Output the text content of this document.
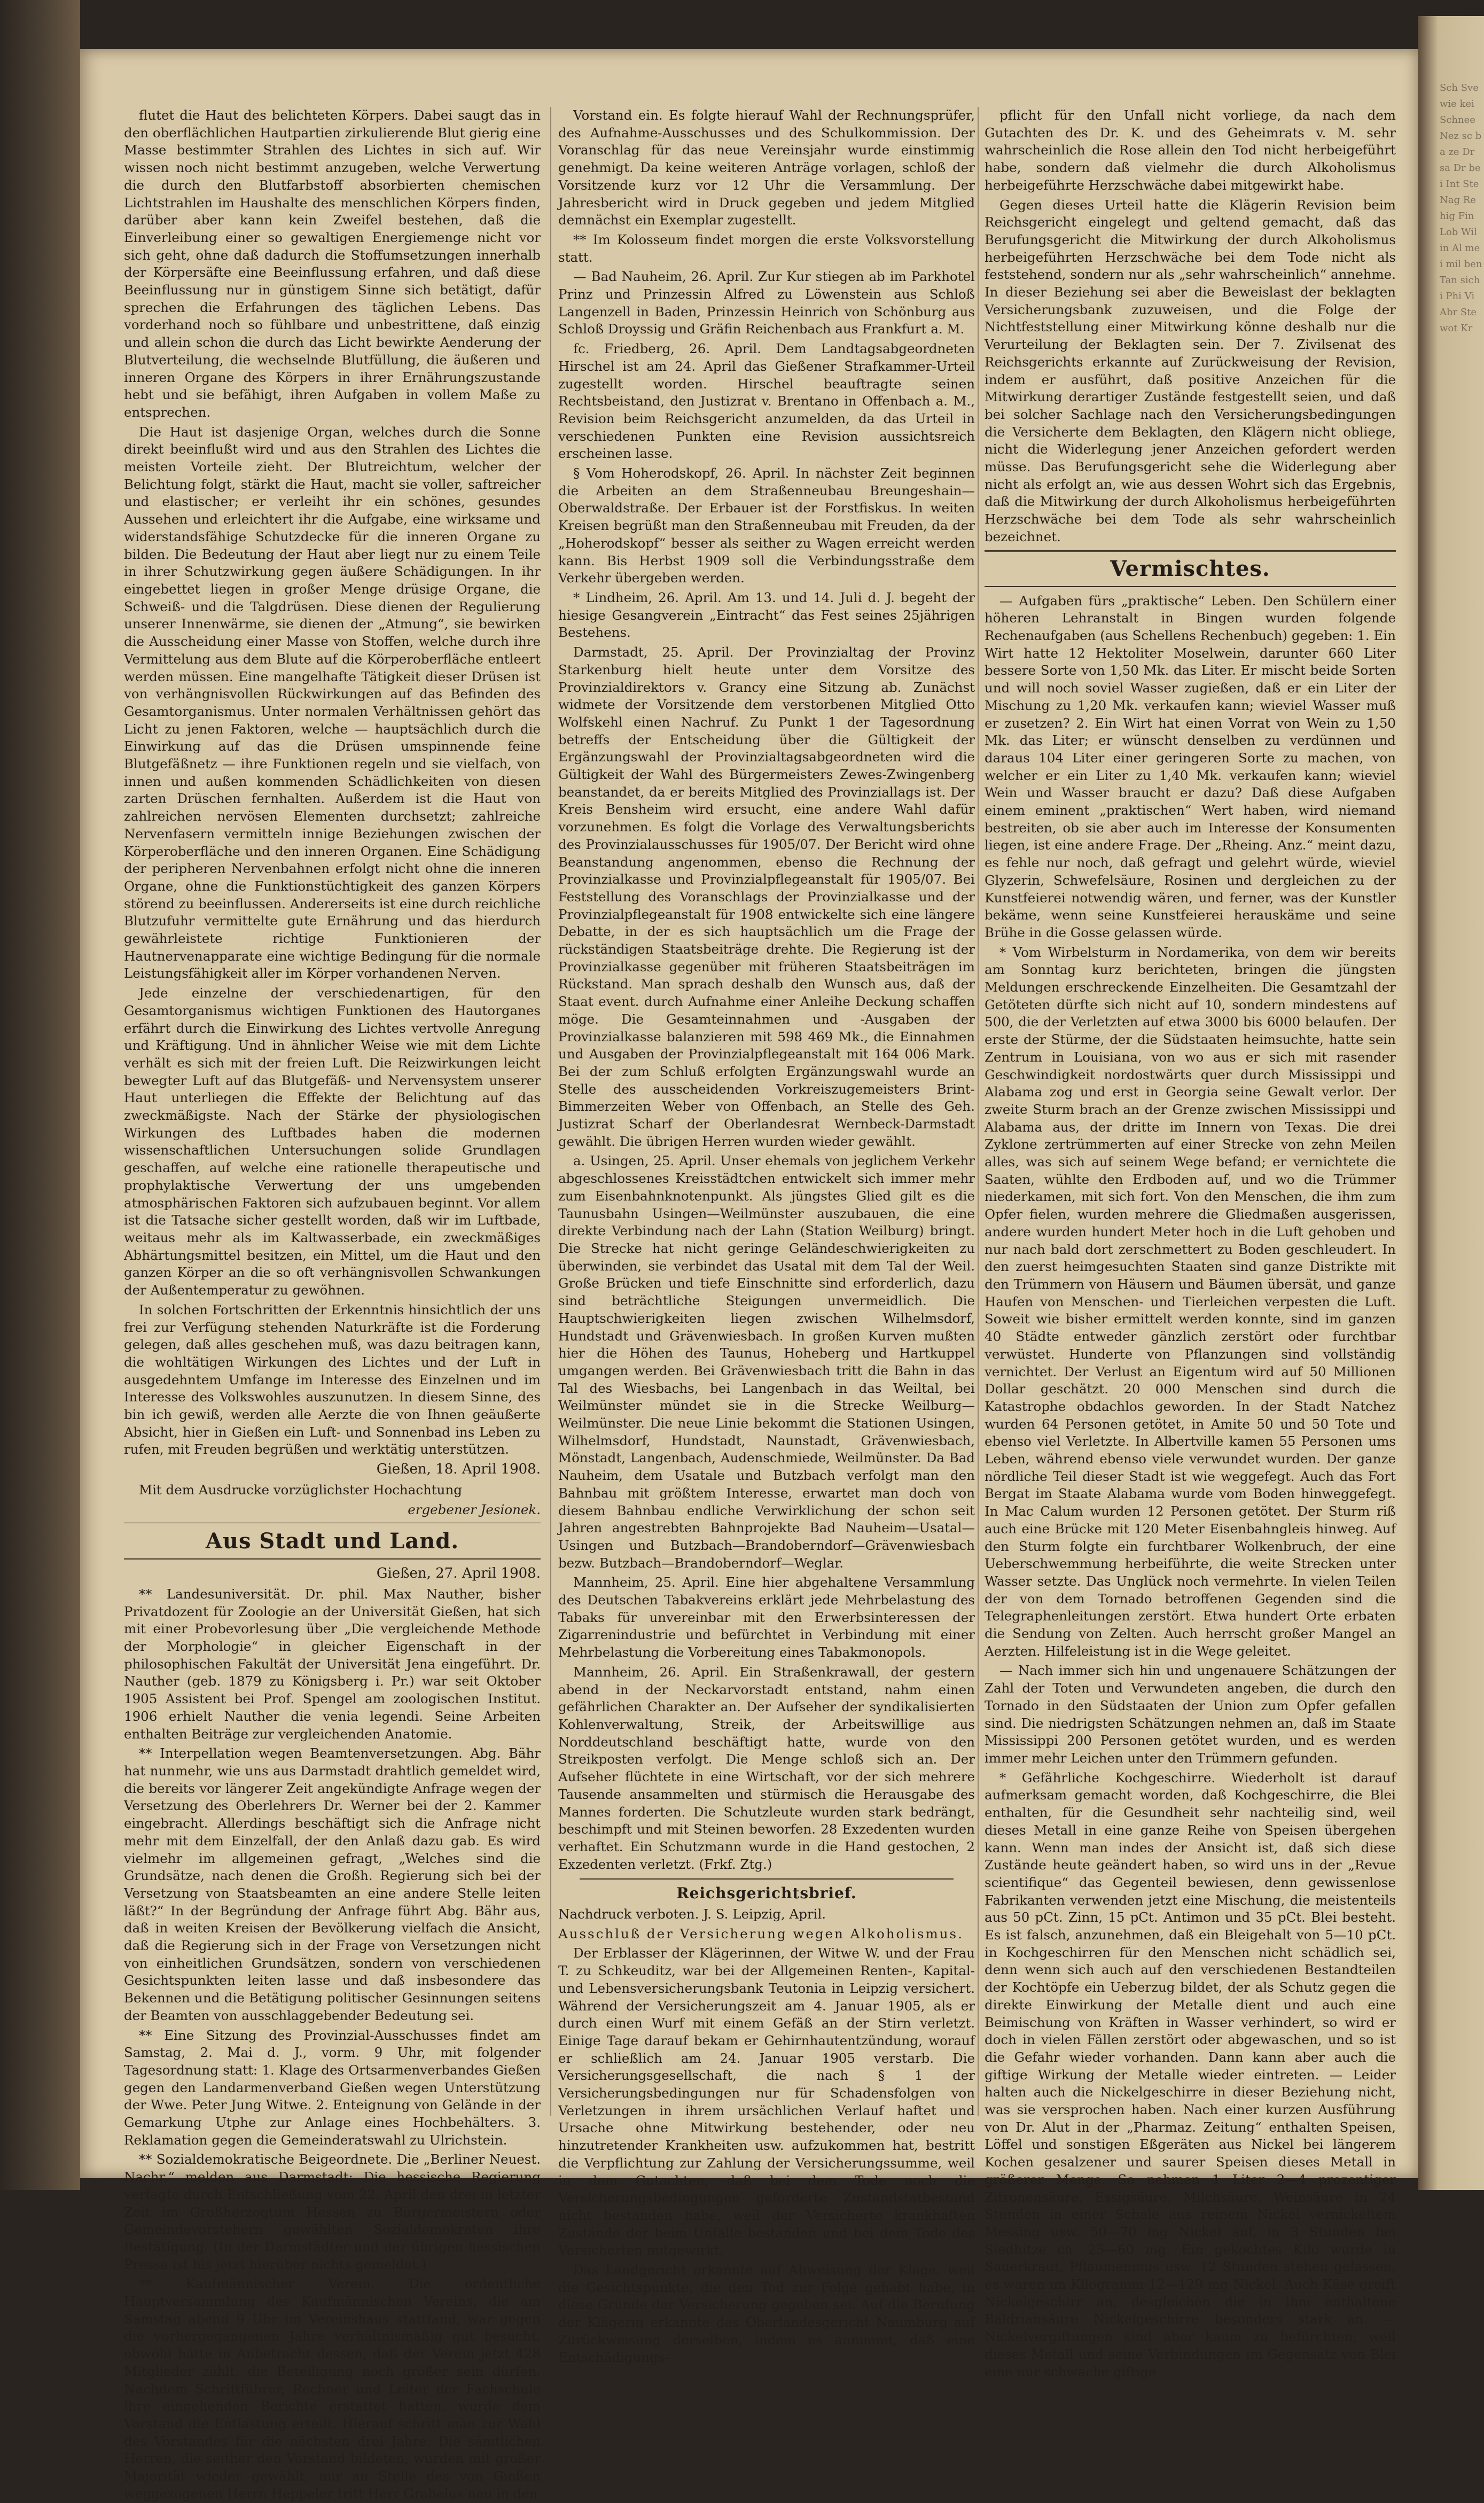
Sch Sve wie kei Schnee Nez sc ba ze Dr sa Dr bei Int Ste Nag Re hig Fin Lob Wil in Al mei mil ben Tan sichi Phi Vi Abr Ste wot Kr

flutet die Haut des belichteten Körpers. Dabei saugt das in den oberflächlichen Hautpartien zirkulierende Blut gierig eine Masse bestimmter Strahlen des Lichtes in sich auf. Wir wissen noch nicht bestimmt anzugeben, welche Verwertung die durch den Blutfarbstoff absorbierten chemischen Lichtstrahlen im Haushalte des menschlichen Körpers finden, darüber aber kann kein Zweifel bestehen, daß die Einverleibung einer so gewaltigen Energiemenge nicht vor sich geht, ohne daß dadurch die Stoffumsetzungen innerhalb der Körpersäfte eine Beeinflussung erfahren, und daß diese Beeinflussung nur in günstigem Sinne sich betätigt, dafür sprechen die Erfahrungen des täglichen Lebens. Das vorderhand noch so fühlbare und unbestrittene, daß einzig und allein schon die durch das Licht bewirkte Aenderung der Blutverteilung, die wechselnde Blutfüllung, die äußeren und inneren Organe des Körpers in ihrer Ernährungszustande hebt und sie befähigt, ihren Aufgaben in vollem Maße zu entsprechen.

Die Haut ist dasjenige Organ, welches durch die Sonne direkt beeinflußt wird und aus den Strahlen des Lichtes die meisten Vorteile zieht. Der Blutreichtum, welcher der Belichtung folgt, stärkt die Haut, macht sie voller, saftreicher und elastischer; er verleiht ihr ein schönes, gesundes Aussehen und erleichtert ihr die Aufgabe, eine wirksame und widerstandsfähige Schutzdecke für die inneren Organe zu bilden. Die Bedeutung der Haut aber liegt nur zu einem Teile in ihrer Schutzwirkung gegen äußere Schädigungen. In ihr eingebettet liegen in großer Menge drüsige Organe, die Schweiß- und die Talgdrüsen. Diese dienen der Regulierung unserer Innenwärme, sie dienen der „Atmung“, sie bewirken die Ausscheidung einer Masse von Stoffen, welche durch ihre Vermittelung aus dem Blute auf die Körperoberfläche entleert werden müssen. Eine mangelhafte Tätigkeit dieser Drüsen ist von verhängnisvollen Rückwirkungen auf das Befinden des Gesamtorganismus. Unter normalen Verhältnissen gehört das Licht zu jenen Faktoren, welche — hauptsächlich durch die Einwirkung auf das die Drüsen umspinnende feine Blutgefäßnetz — ihre Funktionen regeln und sie vielfach, von innen und außen kommenden Schädlichkeiten von diesen zarten Drüschen fernhalten. Außerdem ist die Haut von zahlreichen nervösen Elementen durchsetzt; zahlreiche Nervenfasern vermitteln innige Beziehungen zwischen der Körperoberfläche und den inneren Organen. Eine Schädigung der peripheren Nervenbahnen erfolgt nicht ohne die inneren Organe, ohne die Funktionstüchtigkeit des ganzen Körpers störend zu beeinflussen. Andererseits ist eine durch reichliche Blutzufuhr vermittelte gute Ernährung und das hierdurch gewährleistete richtige Funktionieren der Hautnervenapparate eine wichtige Bedingung für die normale Leistungsfähigkeit aller im Körper vorhandenen Nerven.

Jede einzelne der verschiedenartigen, für den Gesamtorganismus wichtigen Funktionen des Hautorganes erfährt durch die Einwirkung des Lichtes vertvolle Anregung und Kräftigung. Und in ähnlicher Weise wie mit dem Lichte verhält es sich mit der freien Luft. Die Reizwirkungen leicht bewegter Luft auf das Blutgefäß- und Nervensystem unserer Haut unterliegen die Effekte der Belichtung auf das zweckmäßigste. Nach der Stärke der physiologischen Wirkungen des Luftbades haben die modernen wissenschaftlichen Untersuchungen solide Grundlagen geschaffen, auf welche eine rationelle therapeutische und prophylaktische Verwertung der uns umgebenden atmosphärischen Faktoren sich aufzubauen beginnt. Vor allem ist die Tatsache sicher gestellt worden, daß wir im Luftbade, weitaus mehr als im Kaltwasserbade, ein zweckmäßiges Abhärtungsmittel besitzen, ein Mittel, um die Haut und den ganzen Körper an die so oft verhängnisvollen Schwankungen der Außentemperatur zu gewöhnen.

In solchen Fortschritten der Erkenntnis hinsichtlich der uns frei zur Verfügung stehenden Naturkräfte ist die Forderung gelegen, daß alles geschehen muß, was dazu beitragen kann, die wohltätigen Wirkungen des Lichtes und der Luft in ausgedehntem Umfange im Interesse des Einzelnen und im Interesse des Volkswohles auszunutzen. In diesem Sinne, des bin ich gewiß, werden alle Aerzte die von Ihnen geäußerte Absicht, hier in Gießen ein Luft- und Sonnenbad ins Leben zu rufen, mit Freuden begrüßen und werktätig unterstützen.

Gießen, 18. April 1908.

Mit dem Ausdrucke vorzüglichster Hochachtung

ergebener Jesionek.
Aus Stadt und Land.
Gießen, 27. April 1908.

** Landesuniversität. Dr. phil. Max Nauther, bisher Privatdozent für Zoologie an der Universität Gießen, hat sich mit einer Probevorlesung über „Die vergleichende Methode der Morphologie“ in gleicher Eigenschaft in der philosophischen Fakultät der Universität Jena eingeführt. Dr. Nauther (geb. 1879 zu Königsberg i. Pr.) war seit Oktober 1905 Assistent bei Prof. Spengel am zoologischen Institut. 1906 erhielt Nauther die venia legendi. Seine Arbeiten enthalten Beiträge zur vergleichenden Anatomie.

** Interpellation wegen Beamtenversetzungen. Abg. Bähr hat nunmehr, wie uns aus Darmstadt drahtlich gemeldet wird, die bereits vor längerer Zeit angekündigte Anfrage wegen der Versetzung des Oberlehrers Dr. Werner bei der 2. Kammer eingebracht. Allerdings beschäftigt sich die Anfrage nicht mehr mit dem Einzelfall, der den Anlaß dazu gab. Es wird vielmehr im allgemeinen gefragt, „Welches sind die Grundsätze, nach denen die Großh. Regierung sich bei der Versetzung von Staatsbeamten an eine andere Stelle leiten läßt?“ In der Begründung der Anfrage führt Abg. Bähr aus, daß in weiten Kreisen der Bevölkerung vielfach die Ansicht, daß die Regierung sich in der Frage von Versetzungen nicht von einheitlichen Grundsätzen, sondern von verschiedenen Gesichtspunkten leiten lasse und daß insbesondere das Bekennen und die Betätigung politischer Gesinnungen seitens der Beamten von ausschlaggebender Bedeutung sei.

** Eine Sitzung des Provinzial-Ausschusses findet am Samstag, 2. Mai d. J., vorm. 9 Uhr, mit folgender Tagesordnung statt: 1. Klage des Ortsarmenverbandes Gießen gegen den Landarmenverband Gießen wegen Unterstützung der Wwe. Peter Jung Witwe. 2. Enteignung von Gelände in der Gemarkung Utphe zur Anlage eines Hochbehälters. 3. Reklamation gegen die Gemeinderatswahl zu Ulrichstein.

** Sozialdemokratische Beigeordnete. Die „Berliner Neuest. Nachr.“ melden aus Darmstadt: Die hessische Regierung verfagte durch Entschließung vom 22. April den drei in letzter Zeit im Großherzogtum Hessen zu Bürgermeistern oder Gemeindevorstehern gewählten Sozialdemokraten ihre Bestätigung. (In der Darmstädter und der übrigen hessischen Presse ist bis jetzt hierüber nichts gemeldet.)

** Kaufmännischer Verein. Die ordentliche Hauptversammlung des Kaufmännischen Vereins, die am Samstag abend 9 Uhr im Vereinshaus stattfand, war gegen die vorhergegangenen Jahre verhältnismäßig gut besucht, obwohl hätte in Anbetracht dessen, daß der Verein jetzt 428 Mitglieder zählt, die Beteiligung noch größer sein dürfen. Nachdem Schriftführer, Rechner und Leiter der Fachschule ihre eingehenden Berichte erstattet hatten, wurde dem Vorstand die Entlastung erteilt. Hierauf schritt man zur Wahl des Vorstandes für die nächsten drei Jahre. Die sämtlichen Herren, die seither den Vorstand bildeten, wurden mit großer Majorität wieder gewählt, nur an Stelle des von Gießen weggezogenen Herrn Heppeler tritt Herr Grabelus neu in den

Vorstand ein. Es folgte hierauf Wahl der Rechnungsprüfer, des Aufnahme-Ausschusses und des Schulkommission. Der Voranschlag für das neue Vereinsjahr wurde einstimmig genehmigt. Da keine weiteren Anträge vorlagen, schloß der Vorsitzende kurz vor 12 Uhr die Versammlung. Der Jahresbericht wird in Druck gegeben und jedem Mitglied demnächst ein Exemplar zugestellt.

** Im Kolosseum findet morgen die erste Volksvorstellung statt.

— Bad Nauheim, 26. April. Zur Kur stiegen ab im Parkhotel Prinz und Prinzessin Alfred zu Löwenstein aus Schloß Langenzell in Baden, Prinzessin Heinrich von Schönburg aus Schloß Droyssig und Gräfin Reichenbach aus Frankfurt a. M.

fc. Friedberg, 26. April. Dem Landtagsabgeordneten Hirschel ist am 24. April das Gießener Strafkammer-Urteil zugestellt worden. Hirschel beauftragte seinen Rechtsbeistand, den Justizrat v. Brentano in Offenbach a. M., Revision beim Reichsgericht anzumelden, da das Urteil in verschiedenen Punkten eine Revision aussichtsreich erscheinen lasse.

§ Vom Hoherodskopf, 26. April. In nächster Zeit beginnen die Arbeiten an dem Straßenneubau Breungeshain—Oberwaldstraße. Der Erbauer ist der Forstfiskus. In weiten Kreisen begrüßt man den Straßenneubau mit Freuden, da der „Hoherodskopf“ besser als seither zu Wagen erreicht werden kann. Bis Herbst 1909 soll die Verbindungsstraße dem Verkehr übergeben werden.

* Lindheim, 26. April. Am 13. und 14. Juli d. J. begeht der hiesige Gesangverein „Eintracht“ das Fest seines 25jährigen Bestehens.

Darmstadt, 25. April. Der Provinzialtag der Provinz Starkenburg hielt heute unter dem Vorsitze des Provinzialdirektors v. Grancy eine Sitzung ab. Zunächst widmete der Vorsitzende dem verstorbenen Mitglied Otto Wolfskehl einen Nachruf. Zu Punkt 1 der Tagesordnung betreffs der Entscheidung über die Gültigkeit der Ergänzungswahl der Provinzialtagsabgeordneten wird die Gültigkeit der Wahl des Bürgermeisters Zewes-Zwingenberg beanstandet, da er bereits Mitglied des Provinziallags ist. Der Kreis Bensheim wird ersucht, eine andere Wahl dafür vorzunehmen. Es folgt die Vorlage des Verwaltungsberichts des Provinzialausschusses für 1905/07. Der Bericht wird ohne Beanstandung angenommen, ebenso die Rechnung der Provinzialkasse und Provinzialpflegeanstalt für 1905/07. Bei Feststellung des Voranschlags der Provinzialkasse und der Provinzialpflegeanstalt für 1908 entwickelte sich eine längere Debatte, in der es sich hauptsächlich um die Frage der rückständigen Staatsbeiträge drehte. Die Regierung ist der Provinzialkasse gegenüber mit früheren Staatsbeiträgen im Rückstand. Man sprach deshalb den Wunsch aus, daß der Staat event. durch Aufnahme einer Anleihe Deckung schaffen möge. Die Gesamteinnahmen und -Ausgaben der Provinzialkasse balanzieren mit 598 469 Mk., die Einnahmen und Ausgaben der Provinzialpflegeanstalt mit 164 006 Mark. Bei der zum Schluß erfolgten Ergänzungswahl wurde an Stelle des ausscheidenden Vorkreiszugemeisters Brint-Bimmerzeiten Weber von Offenbach, an Stelle des Geh. Justizrat Scharf der Oberlandesrat Wernbeck-Darmstadt gewählt. Die übrigen Herren wurden wieder gewählt.

a. Usingen, 25. April. Unser ehemals von jeglichem Verkehr abgeschlossenes Kreisstädtchen entwickelt sich immer mehr zum Eisenbahnknotenpunkt. Als jüngstes Glied gilt es die Taunusbahn Usingen—Weilmünster auszubauen, die eine direkte Verbindung nach der Lahn (Station Weilburg) bringt. Die Strecke hat nicht geringe Geländeschwierigkeiten zu überwinden, sie verbindet das Usatal mit dem Tal der Weil. Große Brücken und tiefe Einschnitte sind erforderlich, dazu sind beträchtliche Steigungen unvermeidlich. Die Hauptschwierigkeiten liegen zwischen Wilhelmsdorf, Hundstadt und Grävenwiesbach. In großen Kurven mußten hier die Höhen des Taunus, Hoheberg und Hartkuppel umgangen werden. Bei Grävenwiesbach tritt die Bahn in das Tal des Wiesbachs, bei Langenbach in das Weiltal, bei Weilmünster mündet sie in die Strecke Weilburg—Weilmünster. Die neue Linie bekommt die Stationen Usingen, Wilhelmsdorf, Hundstadt, Naunstadt, Grävenwiesbach, Mönstadt, Langenbach, Audenschmiede, Weilmünster. Da Bad Nauheim, dem Usatale und Butzbach verfolgt man den Bahnbau mit größtem Interesse, erwartet man doch von diesem Bahnbau endliche Verwirklichung der schon seit Jahren angestrebten Bahnprojekte Bad Nauheim—Usatal—Usingen und Butzbach—Brandoberndorf—Grävenwiesbach bezw. Butzbach—Brandoberndorf—Weglar.

Mannheim, 25. April. Eine hier abgehaltene Versammlung des Deutschen Tabakvereins erklärt jede Mehrbelastung des Tabaks für unvereinbar mit den Erwerbsinteressen der Zigarrenindustrie und befürchtet in Verbindung mit einer Mehrbelastung die Vorbereitung eines Tabakmonopols.

Mannheim, 26. April. Ein Straßenkrawall, der gestern abend in der Neckarvorstadt entstand, nahm einen gefährlichen Charakter an. Der Aufseher der syndikalisierten Kohlenverwaltung, Streik, der Arbeitswillige aus Norddeutschland beschäftigt hatte, wurde von den Streikposten verfolgt. Die Menge schloß sich an. Der Aufseher flüchtete in eine Wirtschaft, vor der sich mehrere Tausende ansammelten und stürmisch die Herausgabe des Mannes forderten. Die Schutzleute wurden stark bedrängt, beschimpft und mit Steinen beworfen. 28 Exzedenten wurden verhaftet. Ein Schutzmann wurde in die Hand gestochen, 2 Exzedenten verletzt. (Frkf. Ztg.)

Reichsgerichtsbrief.

Nachdruck verboten. J. S. Leipzig, April.

Ausschluß der Versicherung wegen Alkoholismus.

Der Erblasser der Klägerinnen, der Witwe W. und der Frau T. zu Schkeuditz, war bei der Allgemeinen Renten-, Kapital- und Lebensversicherungsbank Teutonia in Leipzig versichert. Während der Versicherungszeit am 4. Januar 1905, als er durch einen Wurf mit einem Gefäß an der Stirn verletzt. Einige Tage darauf bekam er Gehirnhautentzündung, worauf er schließlich am 24. Januar 1905 verstarb. Die Versicherungsgesellschaft, die nach § 1 der Versicherungsbedingungen nur für Schadensfolgen von Verletzungen in ihrem ursächlichen Verlauf haftet und Ursache ohne Mitwirkung bestehender, oder neu hinzutretender Krankheiten usw. aufzukommen hat, bestritt die Verpflichtung zur Zahlung der Versicherungssumme, weil in dem Gutachten, daß bei dem Tode noch die Versicherungsbedingungen geforderte Zustandstatbestand nicht bestanden habe, weil der Versicherte krankhaften Zustände der beim Unfalle bestanden und bei dem Tode des Versicherten mitgewirkt.

Das Landgericht erkannte auf Abweisung der Klage, weil die Gesichtspunkte, die den Tod zur Folge gehabt habe, in diese Gründe der Versicherung gegeben sei. Auf die Berufung der Klägerin erkannte das Oberlandesgericht Naumburg auf Zurückweisung derselben, indem es annimmt, daß eine Entschädigungs-

pflicht für den Unfall nicht vorliege, da nach dem Gutachten des Dr. K. und des Geheimrats v. M. sehr wahrscheinlich die Rose allein den Tod nicht herbeigeführt habe, sondern daß vielmehr die durch Alkoholismus herbeigeführte Herzschwäche dabei mitgewirkt habe.

Gegen dieses Urteil hatte die Klägerin Revision beim Reichsgericht eingelegt und geltend gemacht, daß das Berufungsgericht die Mitwirkung der durch Alkoholismus herbeigeführten Herzschwäche bei dem Tode nicht als feststehend, sondern nur als „sehr wahrscheinlich“ annehme. In dieser Beziehung sei aber die Beweislast der beklagten Versicherungsbank zuzuweisen, und die Folge der Nichtfeststellung einer Mitwirkung könne deshalb nur die Verurteilung der Beklagten sein. Der 7. Zivilsenat des Reichsgerichts erkannte auf Zurückweisung der Revision, indem er ausführt, daß positive Anzeichen für die Mitwirkung derartiger Zustände festgestellt seien, und daß bei solcher Sachlage nach den Versicherungsbedingungen die Versicherte dem Beklagten, den Klägern nicht obliege, nicht die Widerlegung jener Anzeichen gefordert werden müsse. Das Berufungsgericht sehe die Widerlegung aber nicht als erfolgt an, wie aus dessen Wohrt sich das Ergebnis, daß die Mitwirkung der durch Alkoholismus herbeigeführten Herzschwäche bei dem Tode als sehr wahrscheinlich bezeichnet.

Vermischtes.

— Aufgaben fürs „praktische“ Leben. Den Schülern einer höheren Lehranstalt in Bingen wurden folgende Rechenaufgaben (aus Schellens Rechenbuch) gegeben: 1. Ein Wirt hatte 12 Hektoliter Moselwein, darunter 660 Liter bessere Sorte von 1,50 Mk. das Liter. Er mischt beide Sorten und will noch soviel Wasser zugießen, daß er ein Liter der Mischung zu 1,20 Mk. verkaufen kann; wieviel Wasser muß er zusetzen? 2. Ein Wirt hat einen Vorrat von Wein zu 1,50 Mk. das Liter; er wünscht denselben zu verdünnen und daraus 104 Liter einer geringeren Sorte zu machen, von welcher er ein Liter zu 1,40 Mk. verkaufen kann; wieviel Wein und Wasser braucht er dazu? Daß diese Aufgaben einem eminent „praktischen“ Wert haben, wird niemand bestreiten, ob sie aber auch im Interesse der Konsumenten liegen, ist eine andere Frage. Der „Rheing. Anz.“ meint dazu, es fehle nur noch, daß gefragt und gelehrt würde, wieviel Glyzerin, Schwefelsäure, Rosinen und dergleichen zu der Kunstfeierei notwendig wären, und ferner, was der Kunstler bekäme, wenn seine Kunstfeierei herauskäme und seine Brühe in die Gosse gelassen würde.

* Vom Wirbelsturm in Nordamerika, von dem wir bereits am Sonntag kurz berichteten, bringen die jüngsten Meldungen erschreckende Einzelheiten. Die Gesamtzahl der Getöteten dürfte sich nicht auf 10, sondern mindestens auf 500, die der Verletzten auf etwa 3000 bis 6000 belaufen. Der erste der Stürme, der die Südstaaten heimsuchte, hatte sein Zentrum in Louisiana, von wo aus er sich mit rasender Geschwindigkeit nordostwärts quer durch Mississippi und Alabama zog und erst in Georgia seine Gewalt verlor. Der zweite Sturm brach an der Grenze zwischen Mississippi und Alabama aus, der dritte im Innern von Texas. Die drei Zyklone zertrümmerten auf einer Strecke von zehn Meilen alles, was sich auf seinem Wege befand; er vernichtete die Saaten, wühlte den Erdboden auf, und wo die Trümmer niederkamen, mit sich fort. Von den Menschen, die ihm zum Opfer fielen, wurden mehrere die Gliedmaßen ausgerissen, andere wurden hundert Meter hoch in die Luft gehoben und nur nach bald dort zerschmettert zu Boden geschleudert. In den zuerst heimgesuchten Staaten sind ganze Distrikte mit den Trümmern von Häusern und Bäumen übersät, und ganze Haufen von Menschen- und Tierleichen verpesten die Luft. Soweit wie bisher ermittelt werden konnte, sind im ganzen 40 Städte entweder gänzlich zerstört oder furchtbar verwüstet. Hunderte von Pflanzungen sind vollständig vernichtet. Der Verlust an Eigentum wird auf 50 Millionen Dollar geschätzt. 20 000 Menschen sind durch die Katastrophe obdachlos geworden. In der Stadt Natchez wurden 64 Personen getötet, in Amite 50 und 50 Tote und ebenso viel Verletzte. In Albertville kamen 55 Personen ums Leben, während ebenso viele verwundet wurden. Der ganze nördliche Teil dieser Stadt ist wie weggefegt. Auch das Fort Bergat im Staate Alabama wurde vom Boden hinweggefegt. In Mac Calum wurden 12 Personen getötet. Der Sturm riß auch eine Brücke mit 120 Meter Eisenbahngleis hinweg. Auf den Sturm folgte ein furchtbarer Wolkenbruch, der eine Ueberschwemmung herbeiführte, die weite Strecken unter Wasser setzte. Das Unglück noch vermehrte. In vielen Teilen der von dem Tornado betroffenen Gegenden sind die Telegraphenleitungen zerstört. Etwa hundert Orte erbaten die Sendung von Zelten. Auch herrscht großer Mangel an Aerzten. Hilfeleistung ist in die Wege geleitet.

— Nach immer sich hin und ungenauere Schätzungen der Zahl der Toten und Verwundeten angeben, die durch den Tornado in den Südstaaten der Union zum Opfer gefallen sind. Die niedrigsten Schätzungen nehmen an, daß im Staate Mississippi 200 Personen getötet wurden, und es werden immer mehr Leichen unter den Trümmern gefunden.

* Gefährliche Kochgeschirre. Wiederholt ist darauf aufmerksam gemacht worden, daß Kochgeschirre, die Blei enthalten, für die Gesundheit sehr nachteilig sind, weil dieses Metall in eine ganze Reihe von Speisen übergehen kann. Wenn man indes der Ansicht ist, daß sich diese Zustände heute geändert haben, so wird uns in der „Revue scientifique“ das Gegenteil bewiesen, denn gewissenlose Fabrikanten verwenden jetzt eine Mischung, die meistenteils aus 50 pCt. Zinn, 15 pCt. Antimon und 35 pCt. Blei besteht. Es ist falsch, anzunehmen, daß ein Bleigehalt von 5—10 pCt. in Kochgeschirren für den Menschen nicht schädlich sei, denn wenn sich auch auf den verschiedenen Bestandteilen der Kochtöpfe ein Ueberzug bildet, der als Schutz gegen die direkte Einwirkung der Metalle dient und auch eine Beimischung von Kräften in Wasser verhindert, so wird er doch in vielen Fällen zerstört oder abgewaschen, und so ist die Gefahr wieder vorhanden. Dann kann aber auch die giftige Wirkung der Metalle wieder eintreten. — Leider halten auch die Nickelgeschirre in dieser Beziehung nicht, was sie versprochen haben. Nach einer kurzen Ausführung von Dr. Alut in der „Pharmaz. Zeitung“ enthalten Speisen, Löffel und sonstigen Eßgeräten aus Nickel bei längerem Kochen gesalzener und saurer Speisen dieses Metall in größerer Menge. So nehmen 1 Liter 2—4 prozentiger Zitronensäure, Essigsäure, Milchsäure, Weinsäure in 24 Stunden in einer Schale aus reinem Nickel vernickeltem Messing usw. 50—70 mg Nickel auf, in 3 Stunden bei Siedhitze ca. 25—60 mg. Ein gekochtes Kilo wurde in Sauerkraut, Pflaumenmus usw. 12 Stunden stehen gelassen, es waren im Kilogramm 12—129 mg Nickel. Auch Käse greift Nickelgeschirr an, desgleichen die in ihm enthaltene Baldriansäure Nickelgeschirre besonders stark an. — Nickelvergiftungen sind aber kaum zu befürchten, weil dieses Metall und seine Verbindungen im Gegensatz von Blei eine nur schwache giftige
